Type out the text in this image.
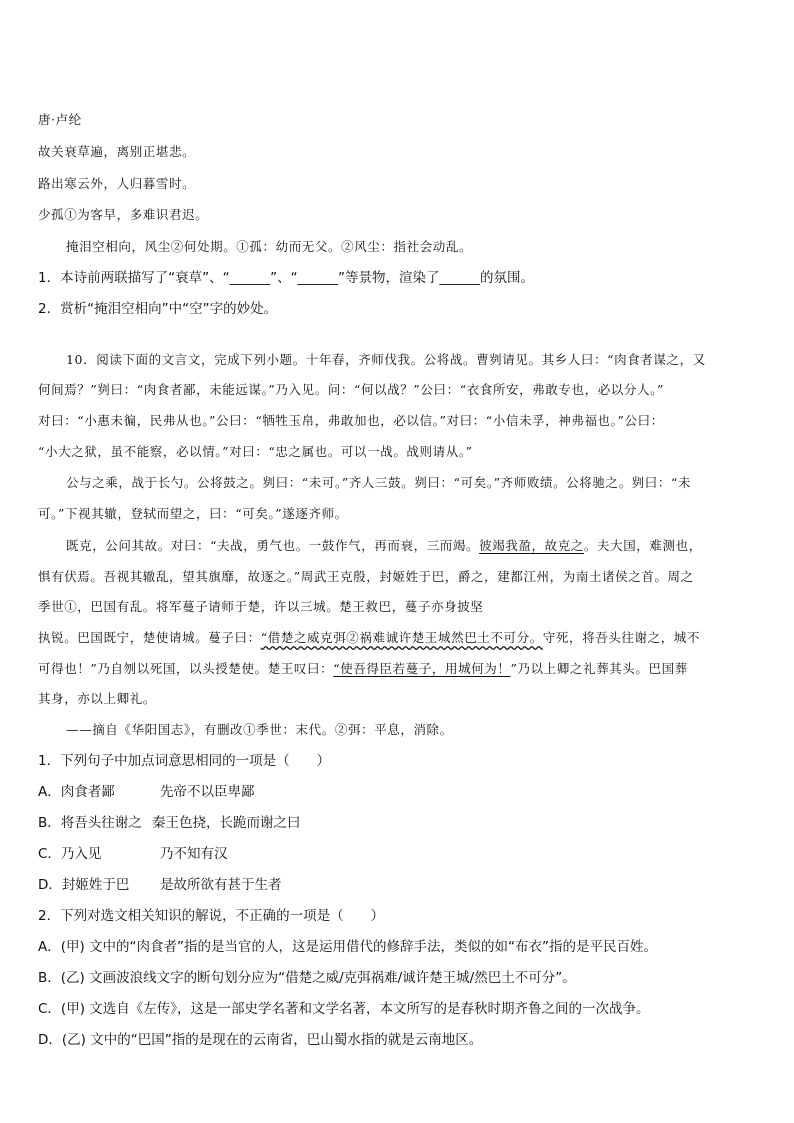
唐·卢纶
故关衰草遍，离别正堪悲。
路出寒云外，人归暮雪时。
少孤①为客早，多难识君迟。
掩泪空相向，风尘②何处期。①孤：幼而无父。②风尘：指社会动乱。
1．本诗前两联描写了“衰草”、“______”、“______”等景物，渲染了______的氛围。
2．赏析“掩泪空相向”中“空”字的妙处。
10．阅读下面的文言文，完成下列小题。十年春，齐师伐我。公将战。曹刿请见。其乡人曰：“肉食者谋之，又
何间焉？”刿曰：“肉食者鄙，未能远谋。”乃入见。问：“何以战？”公曰：“衣食所安，弗敢专也，必以分人。”
对曰：“小惠未徧，民弗从也。”公曰：“牺牲玉帛，弗敢加也，必以信。”对曰：“小信未孚，神弗福也。”公曰：
“小大之狱，虽不能察，必以情。”对曰：“忠之属也。可以一战。战则请从。”
公与之乘，战于长勺。公将鼓之。刿曰：“未可。”齐人三鼓。刿曰：“可矣。”齐师败绩。公将驰之。刿曰：“未
可。”下视其辙，登轼而望之，曰：“可矣。”遂逐齐师。
既克，公问其故。对曰：“夫战，勇气也。一鼓作气，再而衰，三而竭。彼竭我盈，故克之。夫大国，难测也，
惧有伏焉。吾视其辙乱，望其旗靡，故逐之。”周武王克殷，封姬姓于巴，爵之，建都江州，为南土诸侯之首。周之
季世①，巴国有乱。将军蔓子请师于楚，许以三城。楚王救巴，蔓子亦身披坚
执锐。巴国既宁，楚使请城。蔓子曰：“借楚之威克弭②祸难诚许楚王城然巴土不可分。守死，将吾头往谢之，城不
可得也！”乃自刎以死国，以头授楚使。楚王叹曰：“使吾得臣若蔓子，用城何为！”乃以上卿之礼葬其头。巴国葬
其身，亦以上卿礼。
——摘自《华阳国志》，有删改①季世：末代。②弭：平息，消除。
1．下列句子中加点词意思相同的一项是（　　）
A．肉食者鄙	先帝不以臣卑鄙
B．将吾头往谢之 秦王色挠，长跪而谢之曰
C．乃入见	乃不知有汉
D．封姬姓于巴 是故所欲有甚于生者
2．下列对选文相关知识的解说，不正确的一项是（　　）
A．(甲) 文中的“肉食者”指的是当官的人，这是运用借代的修辞手法，类似的如“布衣”指的是平民百姓。
B．(乙) 文画波浪线文字的断句划分应为“借楚之威/克弭祸难/诚许楚王城/然巴土不可分”。
C．(甲) 文选自《左传》，这是一部史学名著和文学名著，本文所写的是春秋时期齐鲁之间的一次战争。
D．(乙) 文中的“巴国”指的是现在的云南省，巴山蜀水指的就是云南地区。
